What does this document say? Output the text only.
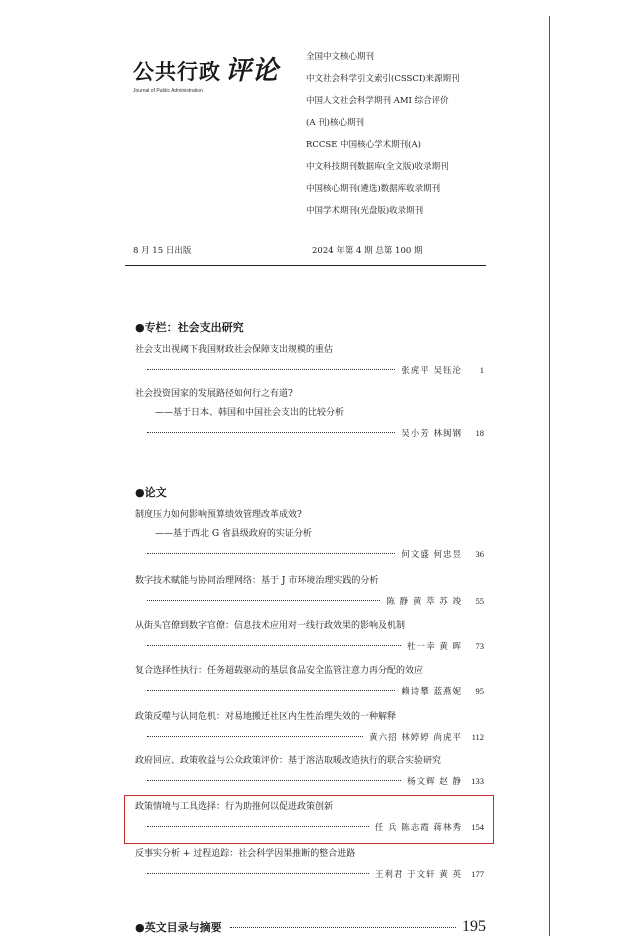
公共行政 评论
Journal of Public Administration
全国中文核心期刊
中文社会科学引文索引(CSSCI)来源期刊
中国人文社会科学期刊 AMI 综合评价
(A 刊)核心期刊
RCCSE 中国核心学术期刊(A)
中文科技期刊数据库(全文版)收录期刊
中国核心期刊(遴选)数据库收录期刊
中国学术期刊(光盘版)收录期刊
8 月 15 日出版	2024 年第 4 期 总第 100 期
●专栏：社会支出研究
社会支出视阈下我国财政社会保障支出规模的重估
张虎平 吴钰沦	1
社会投资国家的发展路径如何行之有道?
——基于日本、韩国和中国社会支出的比较分析
吴小芳 林闽钢	18
●论文
制度压力如何影响预算绩效管理改革成效?
——基于西北 G 省县级政府的实证分析
何文盛 何忠昱	36
数字技术赋能与协同治理网络：基于 J 市环境治理实践的分析
陈 静 黄 萃 苏 竣	55
从街头官僚到数字官僚：信息技术应用对一线行政效果的影响及机制
杜一幸 黄 晖	73
复合选择性执行：任务超载驱动的基层食品安全监管注意力再分配的效应
赖诗攀 蓝燕妮	95
政策反噬与认同危机：对易地搬迁社区内生性治理失效的一种解释
黄六招 林婷婷 尚虎平	112
政府回应、政策收益与公众政策评价：基于溶洁取暖改造执行的联合实验研究
杨文辉 赵 静	133
政策情境与工具选择：行为助推何以促进政策创新
任 兵 陈志霞 蒋林秀	154
反事实分析 + 过程追踪：社会科学因果推断的整合进路
王利君 于文轩 黄 英	177
●英文目录与摘要	195
